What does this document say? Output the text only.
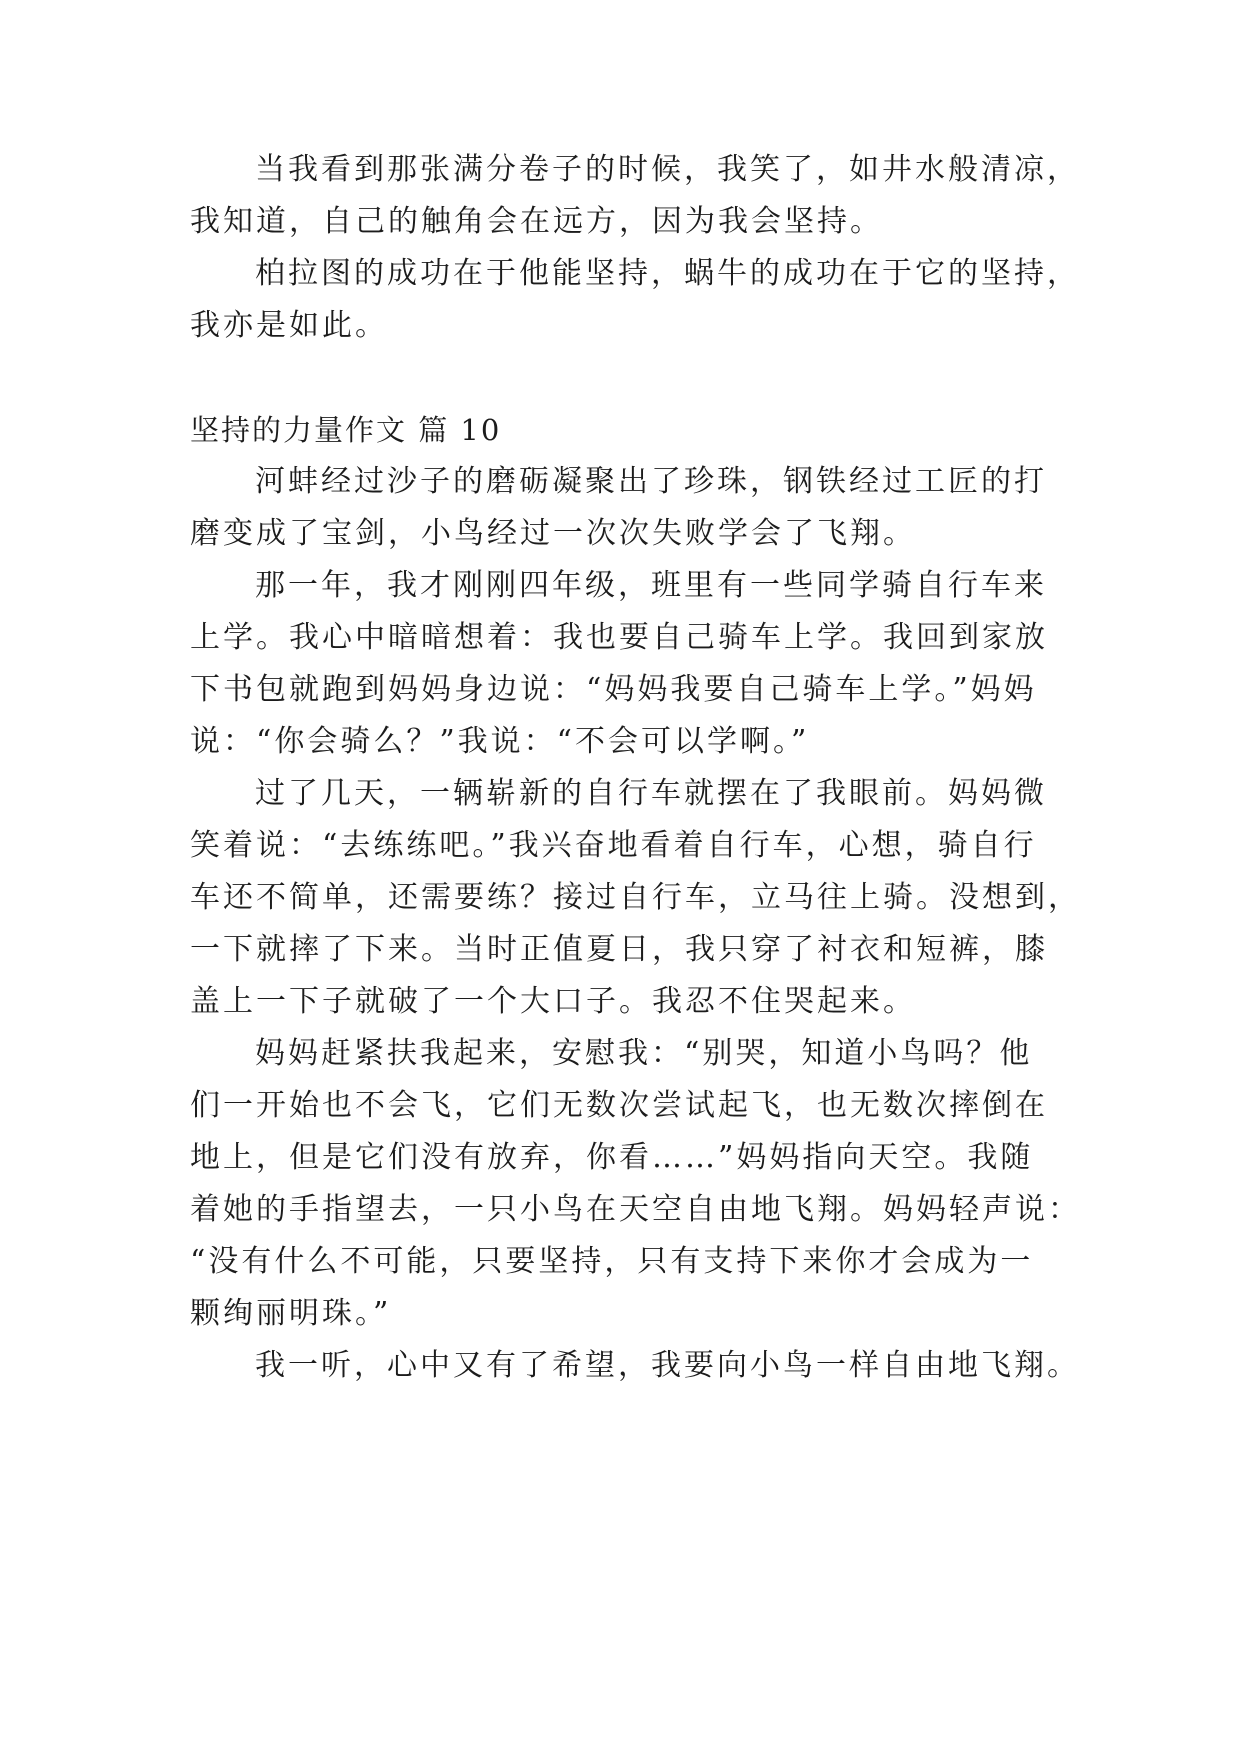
当我看到那张满分卷子的时候，我笑了，如井水般清凉，
我知道，自己的触角会在远方，因为我会坚持。
柏拉图的成功在于他能坚持，蜗牛的成功在于它的坚持，
我亦是如此。
坚持的力量作文 篇 10
河蚌经过沙子的磨砺凝聚出了珍珠，钢铁经过工匠的打
磨变成了宝剑，小鸟经过一次次失败学会了飞翔。
那一年，我才刚刚四年级，班里有一些同学骑自行车来
上学。我心中暗暗想着：我也要自己骑车上学。我回到家放
下书包就跑到妈妈身边说：“妈妈我要自己骑车上学。”妈妈
说：“你会骑么？”我说：“不会可以学啊。”
过了几天，一辆崭新的自行车就摆在了我眼前。妈妈微
笑着说：“去练练吧。”我兴奋地看着自行车，心想，骑自行
车还不简单，还需要练？接过自行车，立马往上骑。没想到，
一下就摔了下来。当时正值夏日，我只穿了衬衣和短裤，膝
盖上一下子就破了一个大口子。我忍不住哭起来。
妈妈赶紧扶我起来，安慰我：“别哭，知道小鸟吗？他
们一开始也不会飞，它们无数次尝试起飞，也无数次摔倒在
地上，但是它们没有放弃，你看……”妈妈指向天空。我随
着她的手指望去，一只小鸟在天空自由地飞翔。妈妈轻声说：
“没有什么不可能，只要坚持，只有支持下来你才会成为一
颗绚丽明珠。”
我一听，心中又有了希望，我要向小鸟一样自由地飞翔。
